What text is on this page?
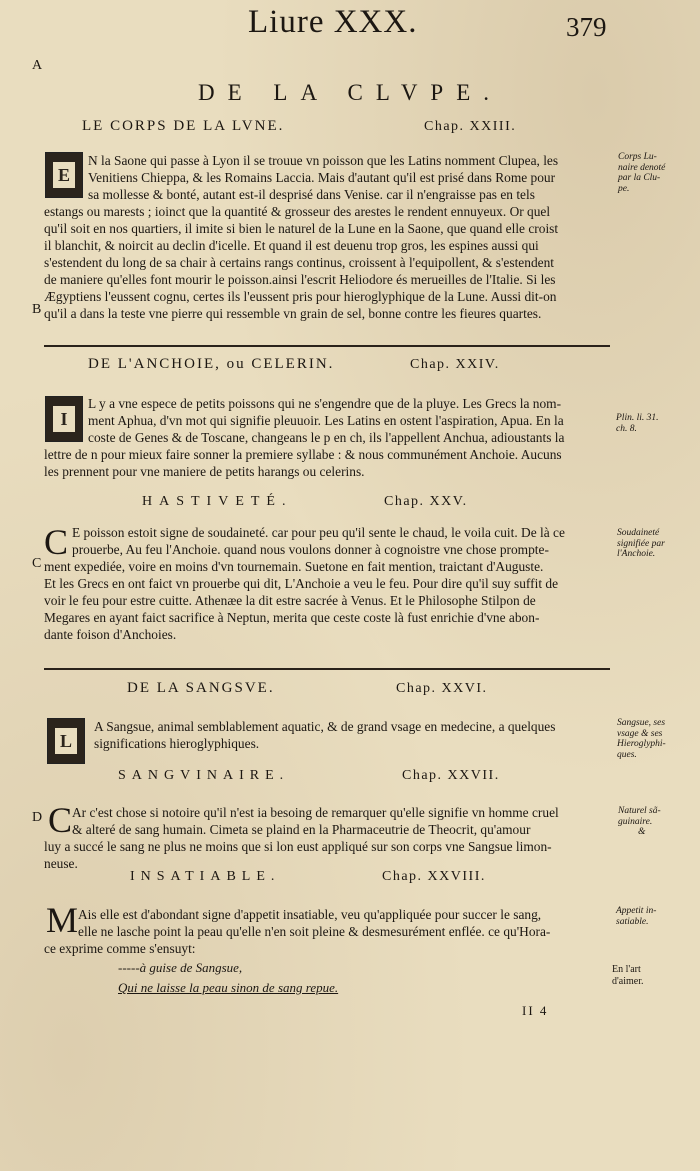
Liure XXX.	379
A
DE LA CLVPE.
LE CORPS DE LA LVNE.	Chap. XXIII.
E
N la Saone qui passe à Lyon il se trouue vn poisson que les Latins nomment Clupea, les
Venitiens Chieppa, & les Romains Laccia. Mais d'autant qu'il est prisé dans Rome pour
sa mollesse & bonté, autant est-il desprisé dans Venise. car il n'engraisse pas en tels
estangs ou marests ; ioinct que la quantité & grosseur des arestes le rendent ennuyeux. Or quel
qu'il soit en nos quartiers, il imite si bien le naturel de la Lune en la Saone, que quand elle croist
il blanchit, & noircit au declin d'icelle. Et quand il est deuenu trop gros, les espines aussi qui
s'estendent du long de sa chair à certains rangs continus, croissent à l'equipollent, & s'estendent
de maniere qu'elles font mourir le poisson.ainsi l'escrit Heliodore és merueilles de l'Italie. Si les
Ægyptiens l'eussent cognu, certes ils l'eussent pris pour hieroglyphique de la Lune. Aussi dit-on
qu'il a dans la teste vne pierre qui ressemble vn grain de sel, bonne contre les fieures quartes.
Corps Lu-
naire denoté
par la Clu-
pe.
B
DE L'ANCHOIE, ou CELERIN.	Chap. XXIV.
I
L y a vne espece de petits poissons qui ne s'engendre que de la pluye. Les Grecs la nom-
ment Aphua, d'vn mot qui signifie pleuuoir. Les Latins en ostent l'aspiration, Apua. En la
coste de Genes & de Toscane, changeans le p en ch, ils l'appellent Anchua, adioustants la
lettre de n pour mieux faire sonner la premiere syllabe : & nous communément Anchoie. Aucuns
les prennent pour vne maniere de petits harangs ou celerins.
Plin. li. 31.
ch. 8.
HASTIVETÉ.	Chap. XXV.
C E poisson estoit signe de soudaineté. car pour peu qu'il sente le chaud, le voila cuit. De là ce
prouerbe, Au feu l'Anchoie. quand nous voulons donner à cognoistre vne chose prompte-
ment expediée, voire en moins d'vn tournemain. Suetone en fait mention, traictant d'Auguste.
Et les Grecs en ont faict vn prouerbe qui dit, L'Anchoie a veu le feu. Pour dire qu'il suy suffit de
voir le feu pour estre cuitte. Athenæe la dit estre sacrée à Venus. Et le Philosophe Stilpon de
Megares en ayant faict sacrifice à Neptun, merita que ceste coste là fust enrichie d'vne abon-
dante foison d'Anchoies.
C
Soudaineté
signifiée par
l'Anchoie.
DE LA SANGSVE.	Chap. XXVI.
L
A Sangsue, animal semblablement aquatic, & de grand vsage en medecine, a quelques
significations hieroglyphiques.
Sangsue, ses
vsage & ses
Hieroglyphi-
ques.
SANGVINAIRE.	Chap. XXVII.
C Ar c'est chose si notoire qu'il n'est ia besoing de remarquer qu'elle signifie vn homme cruel
& alteré de sang humain. Cimeta se plaind en la Pharmaceutrie de Theocrit, qu'amour
luy a succé le sang ne plus ne moins que si lon eust appliqué sur son corps vne Sangsue limon-
neuse.
D	Naturel sã-
guinaire.
&
INSATIABLE.	Chap. XXVIII.
M Ais elle est d'abondant signe d'appetit insatiable, veu qu'appliquée pour succer le sang,
elle ne lasche point la peau qu'elle n'en soit pleine & desmesurément enflée. ce qu'Hora-
ce exprime comme s'ensuyt:
Appetit in-
satiable.
-----à guise de Sangsue,
Qui ne laisse la peau sinon de sang repue.
En l'art
d'aimer.
II 4
